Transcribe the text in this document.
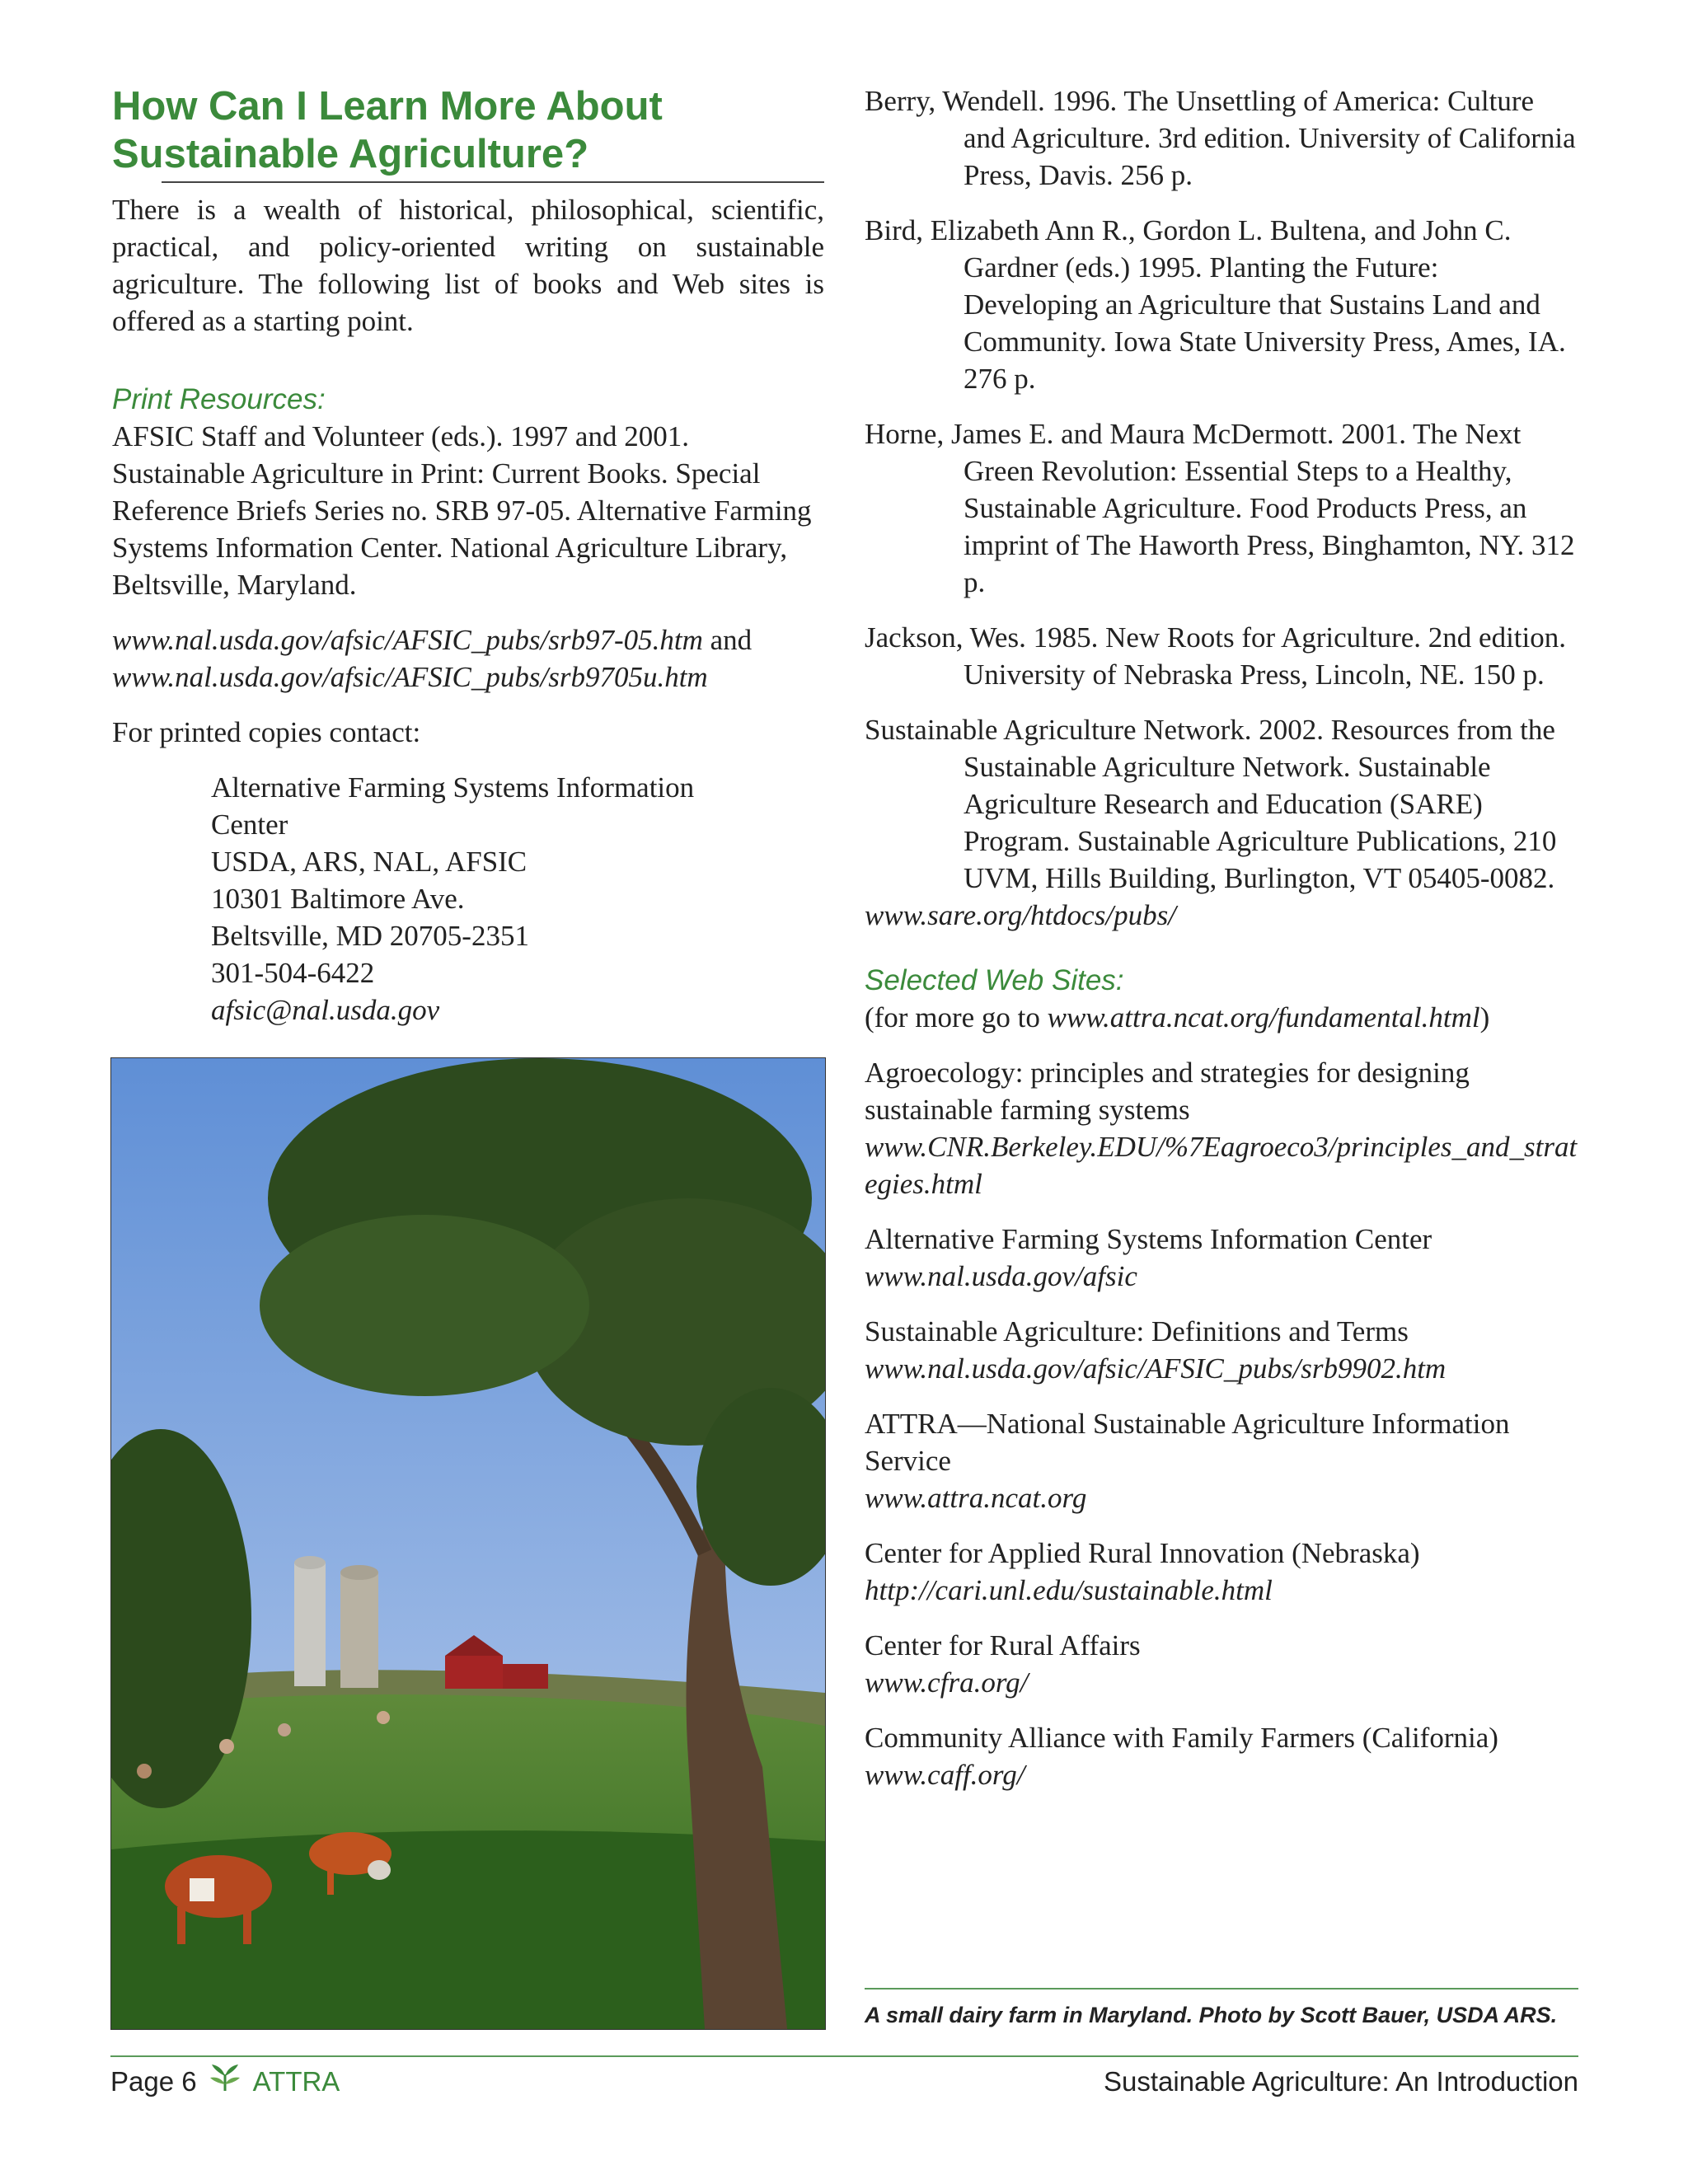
How Can I Learn More About
Sustainable Agriculture?

There is a wealth of historical, philosophical, scientific, practical, and policy-oriented writing on sustainable agriculture. The following list of books and Web sites is offered as a starting point.

Print Resources:

AFSIC Staff and Volunteer (eds.). 1997 and 2001. Sustainable Agriculture in Print: Current Books. Special Reference Briefs Series no. SRB 97-05. Alternative Farming Systems Information Center. National Agriculture Library, Beltsville, Maryland.

www.nal.usda.gov/afsic/AFSIC_pubs/srb97-05.htm and
www.nal.usda.gov/afsic/AFSIC_pubs/srb9705u.htm

For printed copies contact:

Alternative Farming Systems Information

Center

USDA, ARS, NAL, AFSIC

10301 Baltimore Ave.

Beltsville, MD 20705-2351

301-504-6422

afsic@nal.usda.gov

Berry, Wendell. 1996. The Unsettling of America: Culture and Agriculture. 3rd edition. University of California Press, Davis. 256 p.

Bird, Elizabeth Ann R., Gordon L. Bultena, and John C. Gardner (eds.) 1995. Planting the Future: Developing an Agriculture that Sustains Land and Community. Iowa State University Press, Ames, IA. 276 p.

Horne, James E. and Maura McDermott. 2001. The Next Green Revolution: Essential Steps to a Healthy, Sustainable Agriculture. Food Products Press, an imprint of The Haworth Press, Binghamton, NY. 312 p.

Jackson, Wes. 1985. New Roots for Agriculture. 2nd edition. University of Nebraska Press, Lincoln, NE. 150 p.

Sustainable Agriculture Network. 2002. Resources from the Sustainable Agriculture Network. Sustainable Agriculture Research and Education (SARE) Program. Sustainable Agriculture Publications, 210 UVM, Hills Building, Burlington, VT 05405-0082.

www.sare.org/htdocs/pubs/

Selected Web Sites:

(for more go to www.attra.ncat.org/fundamental.html)

Agroecology: principles and strategies for designing sustainable farming systems
www.CNR.Berkeley.EDU/%7Eagroeco3/principles_and_strategies.html

Alternative Farming Systems Information Center
www.nal.usda.gov/afsic

Sustainable Agriculture: Definitions and Terms
www.nal.usda.gov/afsic/AFSIC_pubs/srb9902.htm

ATTRA—National Sustainable Agriculture Information Service
www.attra.ncat.org

Center for Applied Rural Innovation (Nebraska)
http://cari.unl.edu/sustainable.html

Center for Rural Affairs
www.cfra.org/

Community Alliance with Family Farmers (California)
www.caff.org/

A small dairy farm in Maryland. Photo by Scott Bauer, USDA ARS.
Page 6 ATTRA	Sustainable Agriculture: An Introduction
